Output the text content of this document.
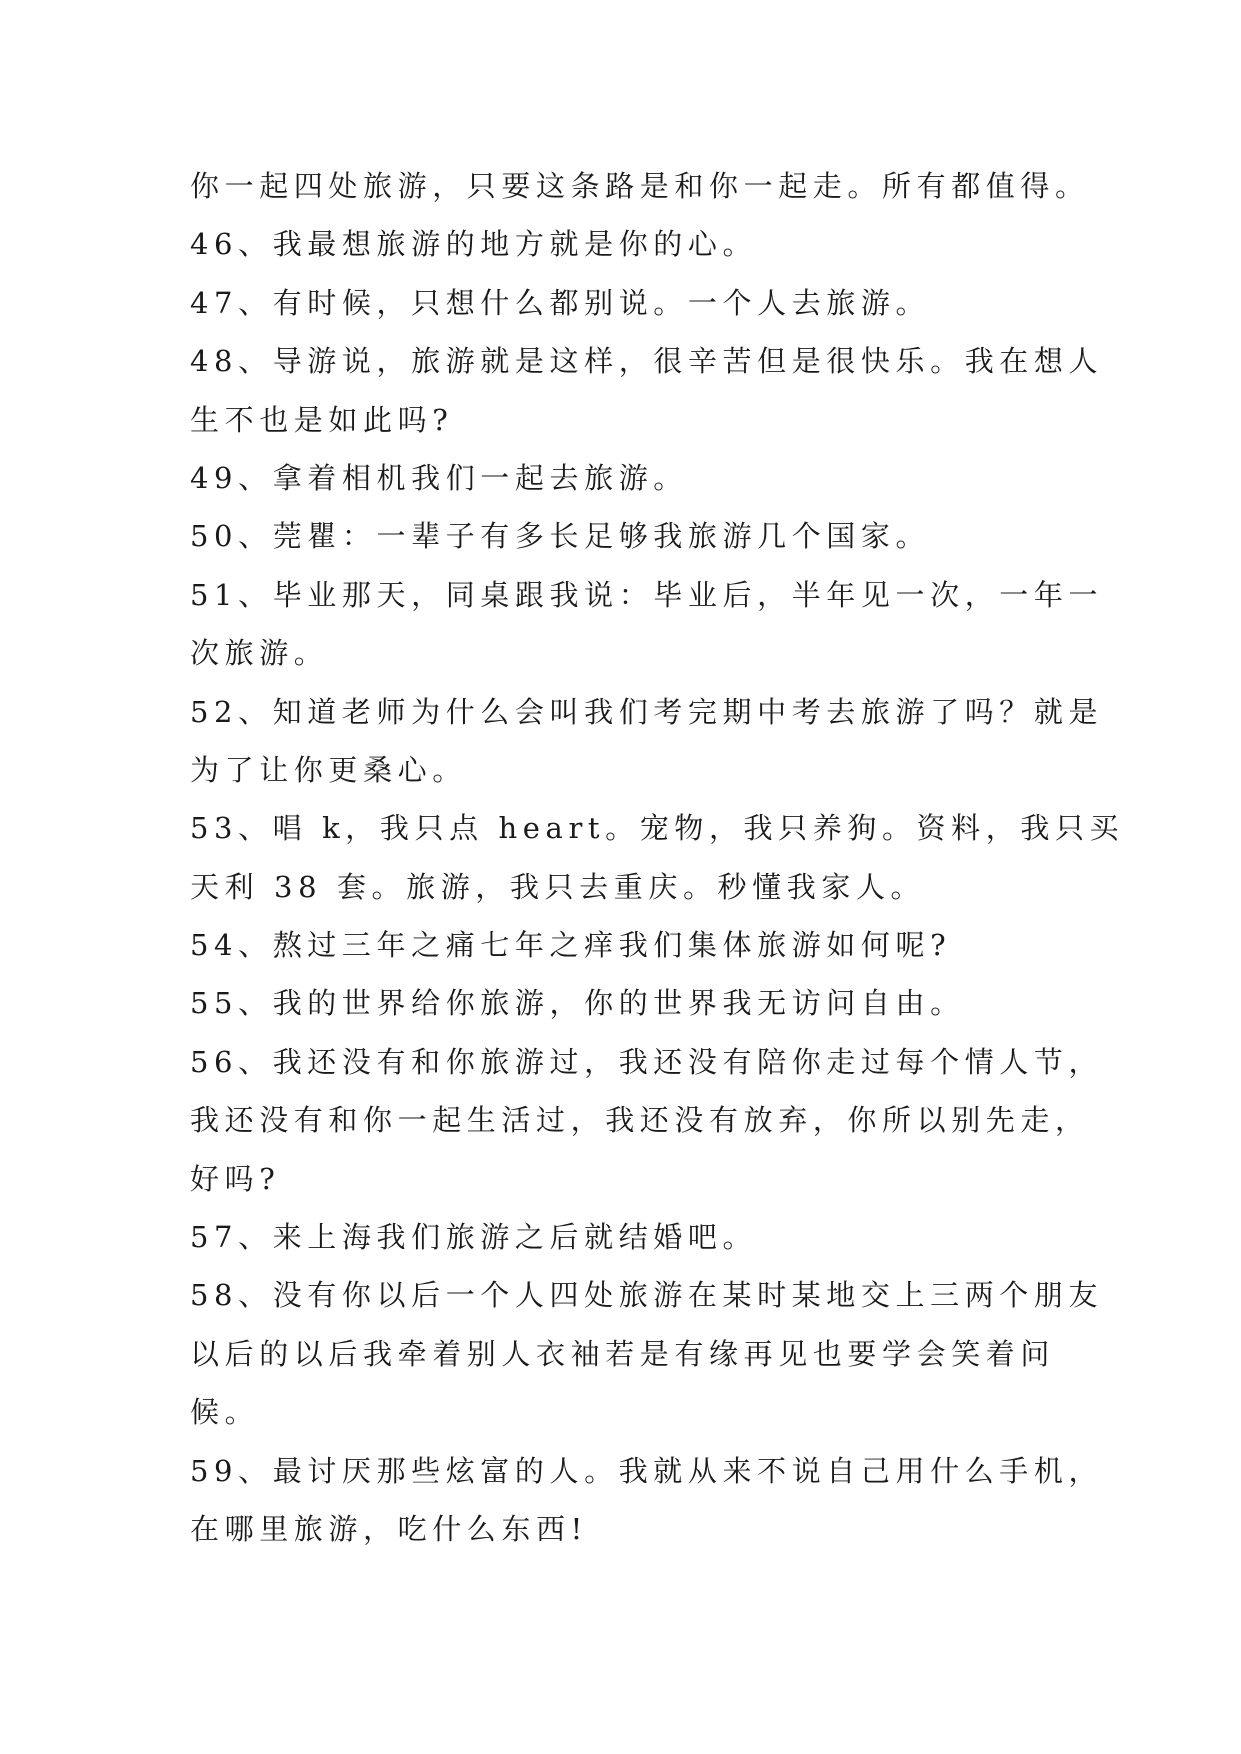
你一起四处旅游，只要这条路是和你一起走。所有都值得。
46、我最想旅游的地方就是你的心。
47、有时候，只想什么都别说。一个人去旅游。
48、导游说，旅游就是这样，很辛苦但是很快乐。我在想人
生不也是如此吗?
49、拿着相机我们一起去旅游。
50、莞瞿：一辈子有多长足够我旅游几个国家。
51、毕业那天，同桌跟我说：毕业后，半年见一次，一年一
次旅游。
52、知道老师为什么会叫我们考完期中考去旅游了吗？就是
为了让你更桑心。
53、唱 k，我只点 heart。宠物，我只养狗。资料，我只买
天利 38 套。旅游，我只去重庆。秒懂我家人。
54、熬过三年之痛七年之痒我们集体旅游如何呢?
55、我的世界给你旅游，你的世界我无访问自由。
56、我还没有和你旅游过，我还没有陪你走过每个情人节，
我还没有和你一起生活过，我还没有放弃，你所以别先走，
好吗?
57、来上海我们旅游之后就结婚吧。
58、没有你以后一个人四处旅游在某时某地交上三两个朋友
以后的以后我牵着别人衣袖若是有缘再见也要学会笑着问
候。
59、最讨厌那些炫富的人。我就从来不说自己用什么手机，
在哪里旅游，吃什么东西!
